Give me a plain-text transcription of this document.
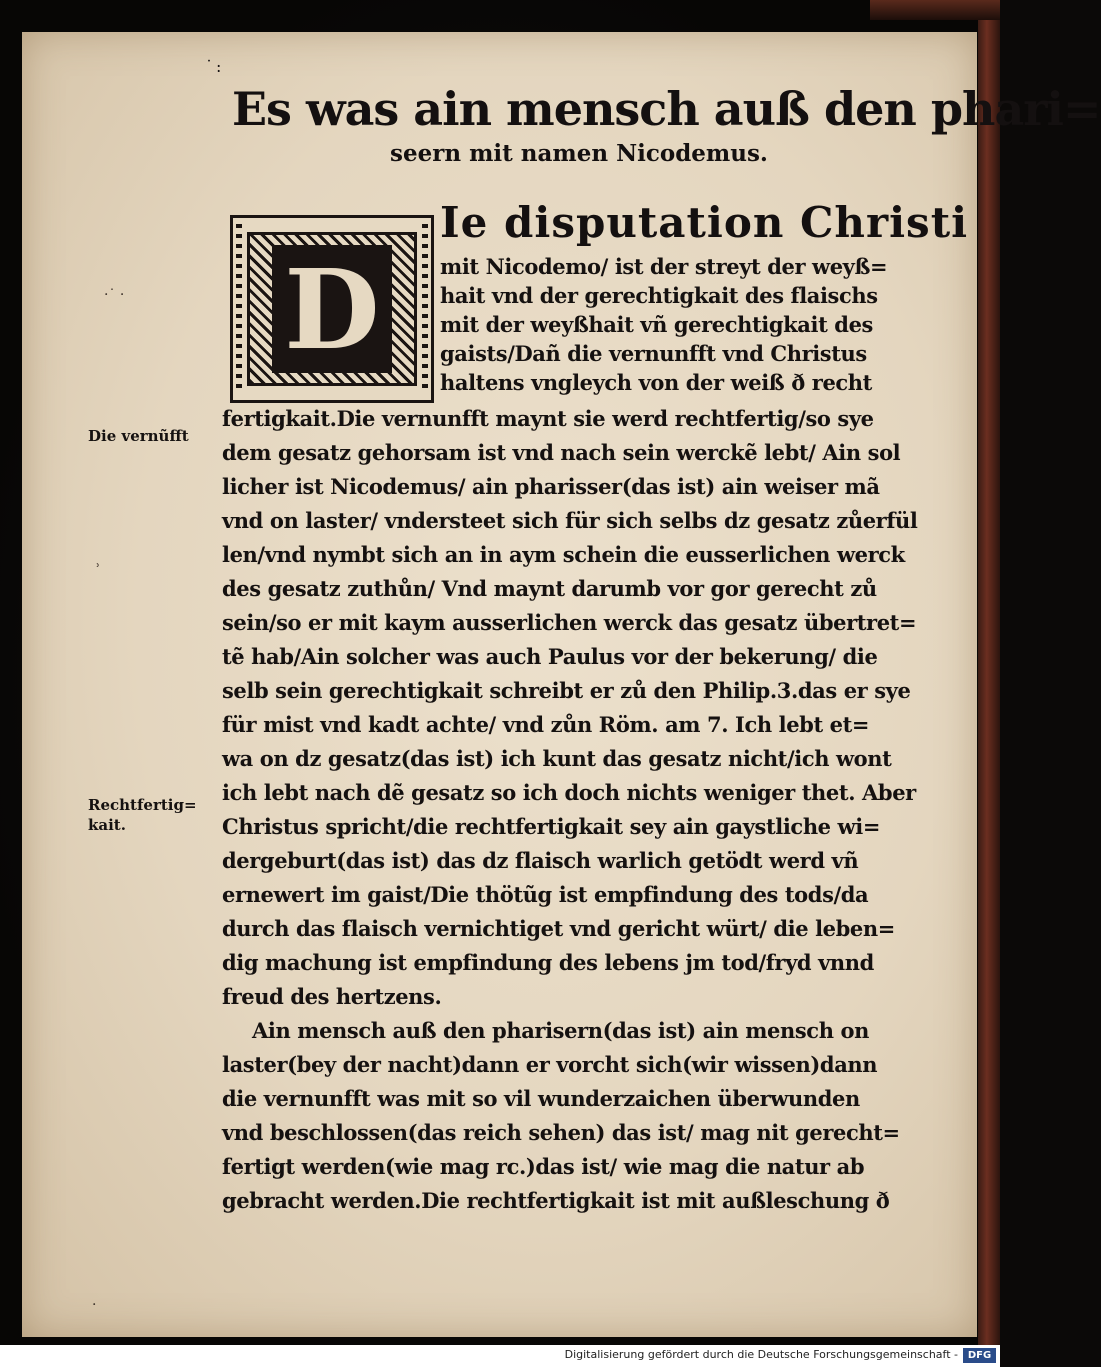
˙:
Es was ain mensch auß den phari=
seern mit namen Nicodemus.
D
Ie disputation Christi
mit Nicodemo/ ist der streyt der weyß=
hait vnd der gerechtigkait des flaischs
mit der weyßhait vñ gerechtigkait des
gaists/Dañ die vernunfft vnd Christus
haltens vngleych von der weiß ð recht
fertigkait.Die vernunfft maynt sie werd rechtfertig/so sye
dem gesatz gehorsam ist vnd nach sein werckẽ lebt/ Ain sol
licher ist Nicodemus/ ain pharisser(das ist) ain weiser mã
vnd on laster/ vndersteet sich für sich selbs dz gesatz zůerfül
len/vnd nymbt sich an in aym schein die eusserlichen werck
des gesatz zuthůn/ Vnd maynt darumb vor gor gerecht zů
sein/so er mit kaym ausserlichen werck das gesatz übertret=
tẽ hab/Ain solcher was auch Paulus vor der bekerung/ die
selb sein gerechtigkait schreibt er zů den Philip.3.das er sye
für mist vnd kadt achte/ vnd zůn Röm. am 7. Ich lebt et=
wa on dz gesatz(das ist) ich kunt das gesatz nicht/ich wont
ich lebt nach dẽ gesatz so ich doch nichts weniger thet. Aber
Christus spricht/die rechtfertigkait sey ain gaystliche wi=
dergeburt(das ist) das dz flaisch warlich getödt werd vñ
ernewert im gaist/Die thötũg ist empfindung des tods/da
durch das flaisch vernichtiget vnd gericht würt/ die leben=
dig machung ist empfindung des lebens jm tod/fryd vnnd
freud des hertzens.
Ain mensch auß den pharisern(das ist) ain mensch on
laster(bey der nacht)dann er vorcht sich(wir wissen)dann
die vernunfft was mit so vil wunderzaichen überwunden
vnd beschlossen(das reich sehen) das ist/ mag nit gerecht=
fertigt werden(wie mag rc.)das ist/ wie mag die natur ab
gebracht werden.Die rechtfertigkait ist mit außleschung ð
Die vernũfft
Rechtfertig=
kait.
·˙ ·
ʾ
·
Digitalisierung gefördert durch die Deutsche Forschungsgemeinschaft - DFG
